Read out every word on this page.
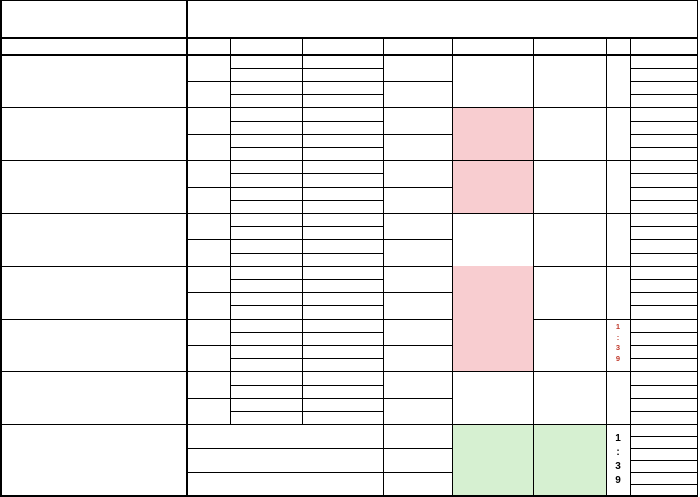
1
:
3
9
1
:
3
9
